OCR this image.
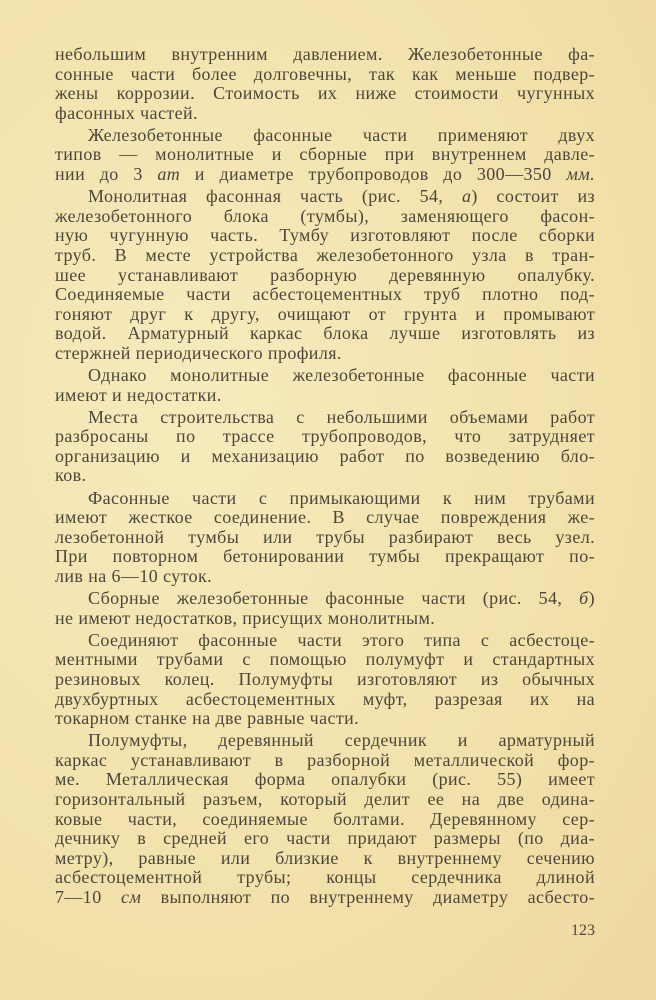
небольшим внутренним давлением. Железобетонные фа-
сонные части более долговечны, так как меньше подвер-
жены коррозии. Стоимость их ниже стоимости чугунных
фасонных частей.
Железобетонные фасонные части применяют двух
типов — монолитные и сборные при внутреннем давле-
нии до 3 ат и диаметре трубопроводов до 300—350 мм.
Монолитная фасонная часть (рис. 54, а) состоит из
железобетонного блока (тумбы), заменяющего фасон-
ную чугунную часть. Тумбу изготовляют после сборки
труб. В месте устройства железобетонного узла в тран-
шее устанавливают разборную деревянную опалубку.
Соединяемые части асбестоцементных труб плотно под-
гоняют друг к другу, очищают от грунта и промывают
водой. Арматурный каркас блока лучше изготовлять из
стержней периодического профиля.
Однако монолитные железобетонные фасонные части
имеют и недостатки.
Места строительства с небольшими объемами работ
разбросаны по трассе трубопроводов, что затрудняет
организацию и механизацию работ по возведению бло-
ков.
Фасонные части с примыкающими к ним трубами
имеют жесткое соединение. В случае повреждения же-
лезобетонной тумбы или трубы разбирают весь узел.
При повторном бетонировании тумбы прекращают по-
лив на 6—10 суток.
Сборные железобетонные фасонные части (рис. 54, б)
не имеют недостатков, присущих монолитным.
Соединяют фасонные части этого типа с асбестоце-
ментными трубами с помощью полумуфт и стандартных
резиновых колец. Полумуфты изготовляют из обычных
двухбуртных асбестоцементных муфт, разрезая их на
токарном станке на две равные части.
Полумуфты, деревянный сердечник и арматурный
каркас устанавливают в разборной металлической фор-
ме. Металлическая форма опалубки (рис. 55) имеет
горизонтальный разъем, который делит ее на две одина-
ковые части, соединяемые болтами. Деревянному сер-
дечнику в средней его части придают размеры (по диа-
метру), равные или близкие к внутреннему сечению
асбестоцементной трубы; концы сердечника длиной
7—10 см выполняют по внутреннему диаметру асбесто-
123
